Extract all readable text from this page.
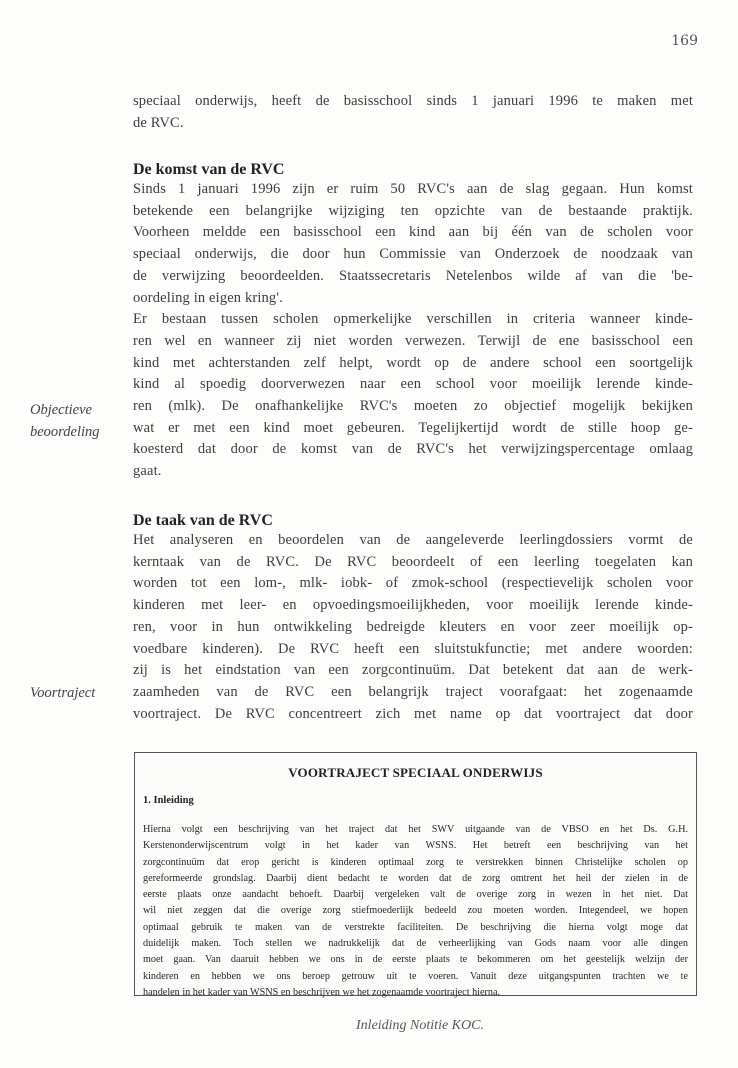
169
speciaal onderwijs, heeft de basisschool sinds 1 januari 1996 te maken met
de RVC.
De komst van de RVC
Sinds 1 januari 1996 zijn er ruim 50 RVC's aan de slag gegaan. Hun komst
betekende een belangrijke wijziging ten opzichte van de bestaande praktijk.
Voorheen meldde een basisschool een kind aan bij één van de scholen voor
speciaal onderwijs, die door hun Commissie van Onderzoek de noodzaak van
de verwijzing beoordeelden. Staatssecretaris Netelenbos wilde af van die 'be-
oordeling in eigen kring'.
Er bestaan tussen scholen opmerkelijke verschillen in criteria wanneer kinde-
ren wel en wanneer zij niet worden verwezen. Terwijl de ene basisschool een
kind met achterstanden zelf helpt, wordt op de andere school een soortgelijk
kind al spoedig doorverwezen naar een school voor moeilijk lerende kinde-
ren (mlk). De onafhankelijke RVC's moeten zo objectief mogelijk bekijken
wat er met een kind moet gebeuren. Tegelijkertijd wordt de stille hoop ge-
koesterd dat door de komst van de RVC's het verwijzingspercentage omlaag
gaat.
Objectieve
beoordeling
De taak van de RVC
Het analyseren en beoordelen van de aangeleverde leerlingdossiers vormt de
kerntaak van de RVC. De RVC beoordeelt of een leerling toegelaten kan
worden tot een lom-, mlk- iobk- of zmok-school (respectievelijk scholen voor
kinderen met leer- en opvoedingsmoeilijkheden, voor moeilijk lerende kinde-
ren, voor in hun ontwikkeling bedreigde kleuters en voor zeer moeilijk op-
voedbare kinderen). De RVC heeft een sluitstukfunctie; met andere woorden:
zij is het eindstation van een zorgcontinuüm. Dat betekent dat aan de werk-
zaamheden van de RVC een belangrijk traject voorafgaat: het zogenaamde
voortraject. De RVC concentreert zich met name op dat voortraject dat door
Voortraject
VOORTRAJECT SPECIAAL ONDERWIJS
1. Inleiding
Hierna volgt een beschrijving van het traject dat het SWV uitgaande van de VBSO en het Ds. G.H.
Kerstenonderwijscentrum volgt in het kader van WSNS. Het betreft een beschrijving van het
zorgcontinuüm dat erop gericht is kinderen optimaal zorg te verstrekken binnen Christelijke scholen op
gereformeerde grondslag. Daarbij dient bedacht te worden dat de zorg omtrent het heil der zielen in de
eerste plaats onze aandacht behoeft. Daarbij vergeleken valt de overige zorg in wezen in het niet. Dat
wil niet zeggen dat die overige zorg stiefmoederlijk bedeeld zou moeten worden. Integendeel, we hopen
optimaal gebruik te maken van de verstrekte faciliteiten. De beschrijving die hierna volgt moge dat
duidelijk maken. Toch stellen we nadrukkelijk dat de verheerlijking van Gods naam voor alle dingen
moet gaan. Van daaruit hebben we ons in de eerste plaats te bekommeren om het geestelijk welzijn der
kinderen en hebben we ons beroep getrouw uit te voeren. Vanuit deze uitgangspunten trachten we te
handelen in het kader van WSNS en beschrijven we het zogenaamde voortraject hierna.
Inleiding Notitie KOC.
